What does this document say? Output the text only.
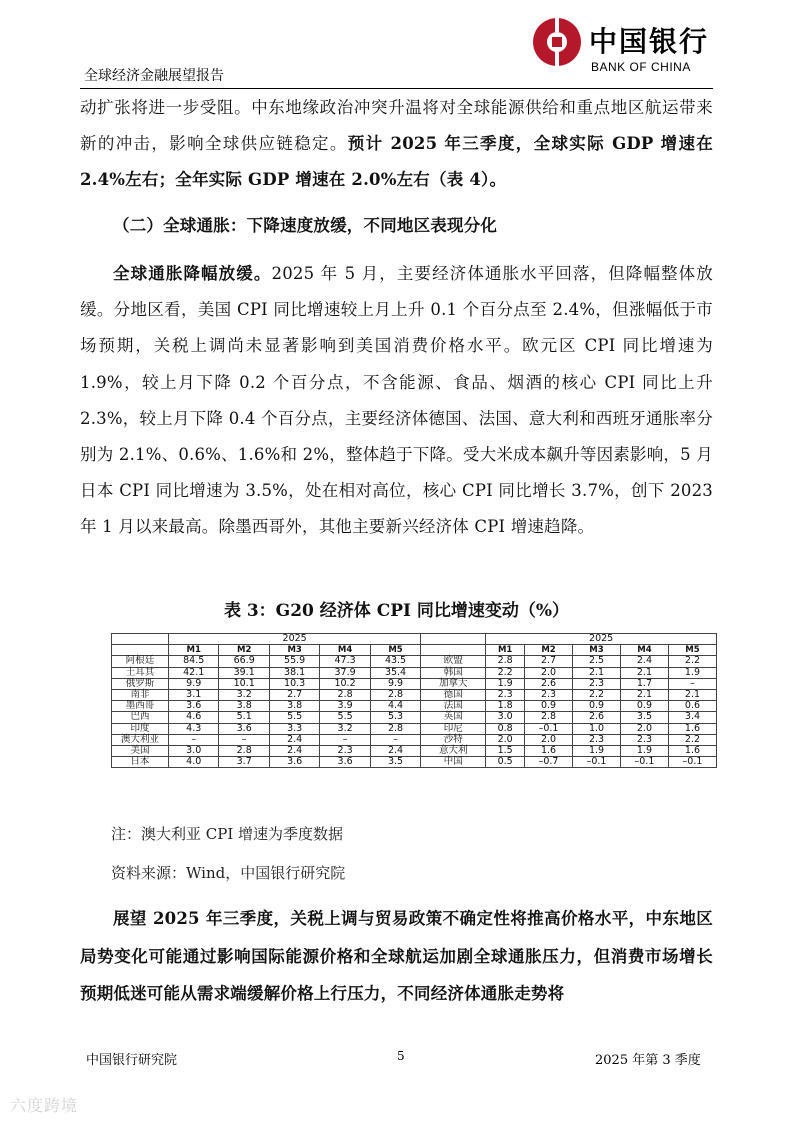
全球经济金融展望报告
中国银行
BANK OF CHINA
动扩张将进一步受阻。中东地缘政治冲突升温将对全球能源供给和重点地区航运带来新的冲击，影响全球供应链稳定。预计 2025 年三季度，全球实际 GDP 增速在 2.4%左右；全年实际 GDP 增速在 2.0%左右（表 4）。
（二）全球通胀：下降速度放缓，不同地区表现分化
全球通胀降幅放缓。2025 年 5 月，主要经济体通胀水平回落，但降幅整体放缓。分地区看，美国 CPI 同比增速较上月上升 0.1 个百分点至 2.4%，但涨幅低于市场预期，关税上调尚未显著影响到美国消费价格水平。欧元区 CPI 同比增速为 1.9%，较上月下降 0.2 个百分点，不含能源、食品、烟酒的核心 CPI 同比上升 2.3%，较上月下降 0.4 个百分点，主要经济体德国、法国、意大利和西班牙通胀率分别为 2.1%、0.6%、1.6%和 2%，整体趋于下降。受大米成本飙升等因素影响，5 月日本 CPI 同比增速为 3.5%，处在相对高位，核心 CPI 同比增长 3.7%，创下 2023 年 1 月以来最高。除墨西哥外，其他主要新兴经济体 CPI 增速趋降。
表 3：G20 经济体 CPI 同比增速变动（%）
	2025						2025				
	M1	M2	M3	M4	M5		M1	M2	M3	M4	M5
阿根廷	84.5	66.9	55.9	47.3	43.5	欧盟	2.8	2.7	2.5	2.4	2.2
土耳其	42.1	39.1	38.1	37.9	35.4	韩国	2.2	2.0	2.1	2.1	1.9
俄罗斯	9.9	10.1	10.3	10.2	9.9	加拿大	1.9	2.6	2.3	1.7	–
南非	3.1	3.2	2.7	2.8	2.8	德国	2.3	2.3	2.2	2.1	2.1
墨西哥	3.6	3.8	3.8	3.9	4.4	法国	1.8	0.9	0.9	0.9	0.6
巴西	4.6	5.1	5.5	5.5	5.3	英国	3.0	2.8	2.6	3.5	3.4
印度	4.3	3.6	3.3	3.2	2.8	印尼	0.8	–0.1	1.0	2.0	1.6
澳大利亚	–	–	2.4	–	–	沙特	2.0	2.0	2.3	2.3	2.2
美国	3.0	2.8	2.4	2.3	2.4	意大利	1.5	1.6	1.9	1.9	1.6
日本	4.0	3.7	3.6	3.6	3.5	中国	0.5	–0.7	–0.1	–0.1	–0.1
注：澳大利亚 CPI 增速为季度数据
资料来源：Wind，中国银行研究院
展望 2025 年三季度，关税上调与贸易政策不确定性将推高价格水平，中东地区局势变化可能通过影响国际能源价格和全球航运加剧全球通胀压力，但消费市场增长预期低迷可能从需求端缓解价格上行压力，不同经济体通胀走势将
中国银行研究院	5	2025 年第 3 季度
六度跨境
